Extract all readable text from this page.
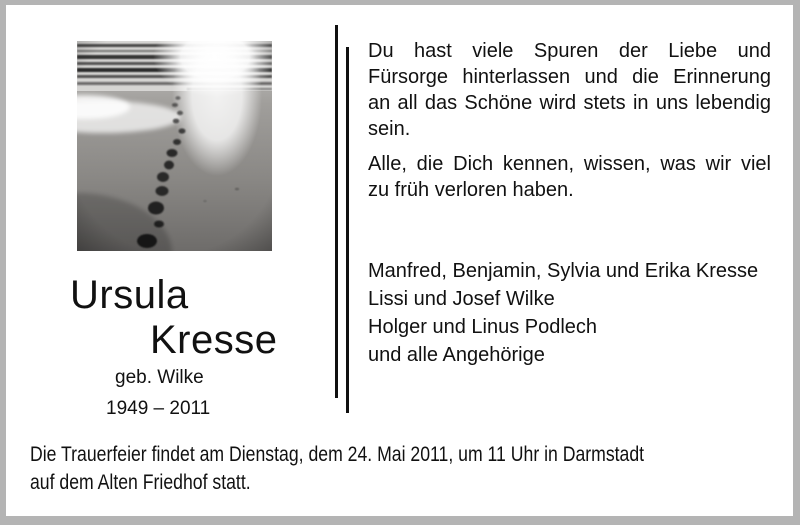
Ursula
Kresse
geb. Wilke
1949 – 2011
Du hast viele Spuren der Liebe und
Fürsorge hinterlassen und die Erinnerung
an all das Schöne wird stets in uns lebendig
sein.
Alle, die Dich kennen, wissen, was wir viel
zu früh verloren haben.
Manfred, Benjamin, Sylvia und Erika Kresse
Lissi und Josef Wilke
Holger und Linus Podlech
und alle Angehörige
Die Trauerfeier findet am Dienstag, dem 24. Mai 2011, um 11 Uhr in Darmstadt
auf dem Alten Friedhof statt.
